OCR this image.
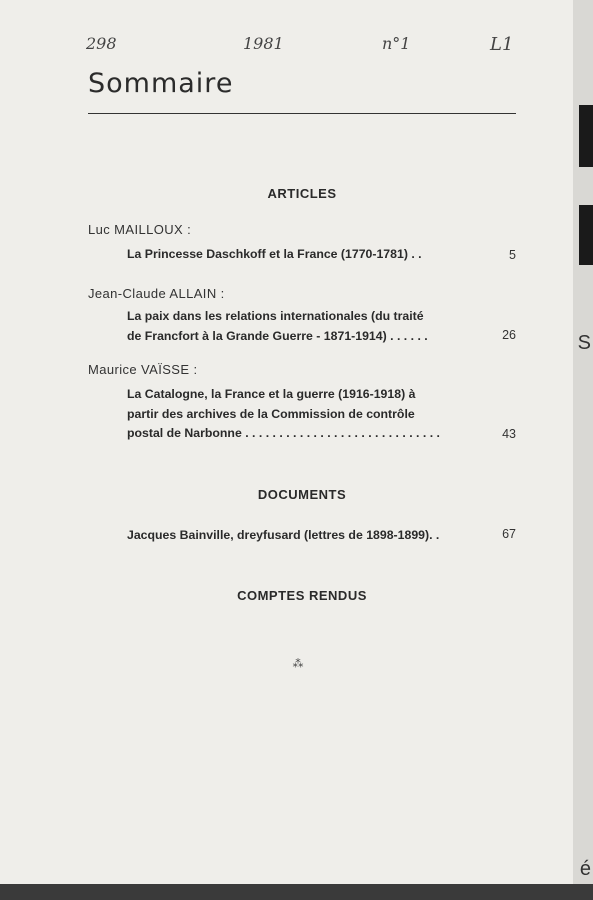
298	1981	n°1	L1
Sommaire
ARTICLES
Luc MAILLOUX :
La Princesse Daschkoff et la France (1770-1781) . .	5
Jean-Claude ALLAIN :
La paix dans les relations internationales (du traité
de Francfort à la Grande Guerre - 1871-1914) . . . . . .	26
Maurice VAÏSSE :
La Catalogne, la France et la guerre (1916-1918) à
partir des archives de la Commission de contrôle
postal de Narbonne . . . . . . . . . . . . . . . . . . . . . . . . . . . . .	43
DOCUMENTS
Jacques Bainville, dreyfusard (lettres de 1898-1899). .	67
COMPTES RENDUS
⁂
S
é
